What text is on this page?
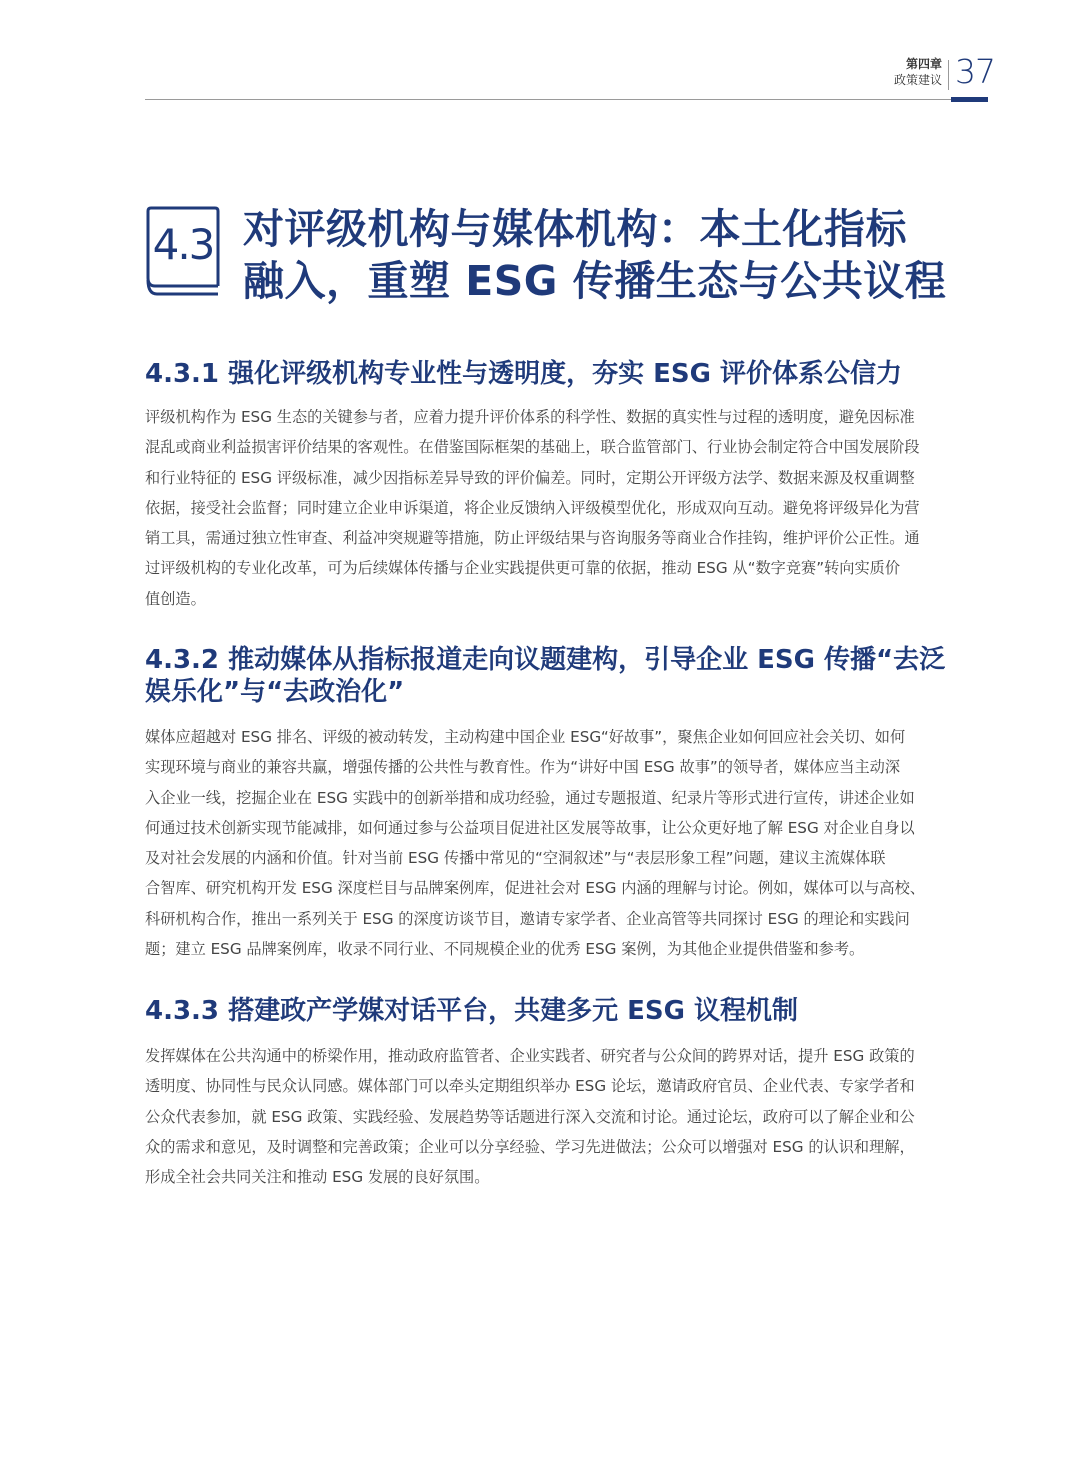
第四章
政策建议 37
4.3 对评级机构与媒体机构：本土化指标
融入，重塑 ESG 传播生态与公共议程
4.3.1 强化评级机构专业性与透明度，夯实 ESG 评价体系公信力
评级机构作为 ESG 生态的关键参与者，应着力提升评价体系的科学性、数据的真实性与过程的透明度，避免因标准
混乱或商业利益损害评价结果的客观性。在借鉴国际框架的基础上，联合监管部门、行业协会制定符合中国发展阶段
和行业特征的 ESG 评级标准，减少因指标差异导致的评价偏差。同时，定期公开评级方法学、数据来源及权重调整
依据，接受社会监督；同时建立企业申诉渠道，将企业反馈纳入评级模型优化，形成双向互动。避免将评级异化为营
销工具，需通过独立性审查、利益冲突规避等措施，防止评级结果与咨询服务等商业合作挂钩，维护评价公正性。通
过评级机构的专业化改革，可为后续媒体传播与企业实践提供更可靠的依据，推动 ESG 从“数字竞赛”转向实质价
值创造。
4.3.2 推动媒体从指标报道走向议题建构，引导企业 ESG 传播“去泛
娱乐化”与“去政治化”
媒体应超越对 ESG 排名、评级的被动转发，主动构建中国企业 ESG“好故事”，聚焦企业如何回应社会关切、如何
实现环境与商业的兼容共赢，增强传播的公共性与教育性。作为“讲好中国 ESG 故事”的领导者，媒体应当主动深
入企业一线，挖掘企业在 ESG 实践中的创新举措和成功经验，通过专题报道、纪录片等形式进行宣传，讲述企业如
何通过技术创新实现节能减排，如何通过参与公益项目促进社区发展等故事，让公众更好地了解 ESG 对企业自身以
及对社会发展的内涵和价值。针对当前 ESG 传播中常见的“空洞叙述”与“表层形象工程”问题，建议主流媒体联
合智库、研究机构开发 ESG 深度栏目与品牌案例库，促进社会对 ESG 内涵的理解与讨论。例如，媒体可以与高校、
科研机构合作，推出一系列关于 ESG 的深度访谈节目，邀请专家学者、企业高管等共同探讨 ESG 的理论和实践问
题；建立 ESG 品牌案例库，收录不同行业、不同规模企业的优秀 ESG 案例，为其他企业提供借鉴和参考。
4.3.3 搭建政产学媒对话平台，共建多元 ESG 议程机制
发挥媒体在公共沟通中的桥梁作用，推动政府监管者、企业实践者、研究者与公众间的跨界对话，提升 ESG 政策的
透明度、协同性与民众认同感。媒体部门可以牵头定期组织举办 ESG 论坛，邀请政府官员、企业代表、专家学者和
公众代表参加，就 ESG 政策、实践经验、发展趋势等话题进行深入交流和讨论。通过论坛，政府可以了解企业和公
众的需求和意见，及时调整和完善政策；企业可以分享经验、学习先进做法；公众可以增强对 ESG 的认识和理解，
形成全社会共同关注和推动 ESG 发展的良好氛围。
